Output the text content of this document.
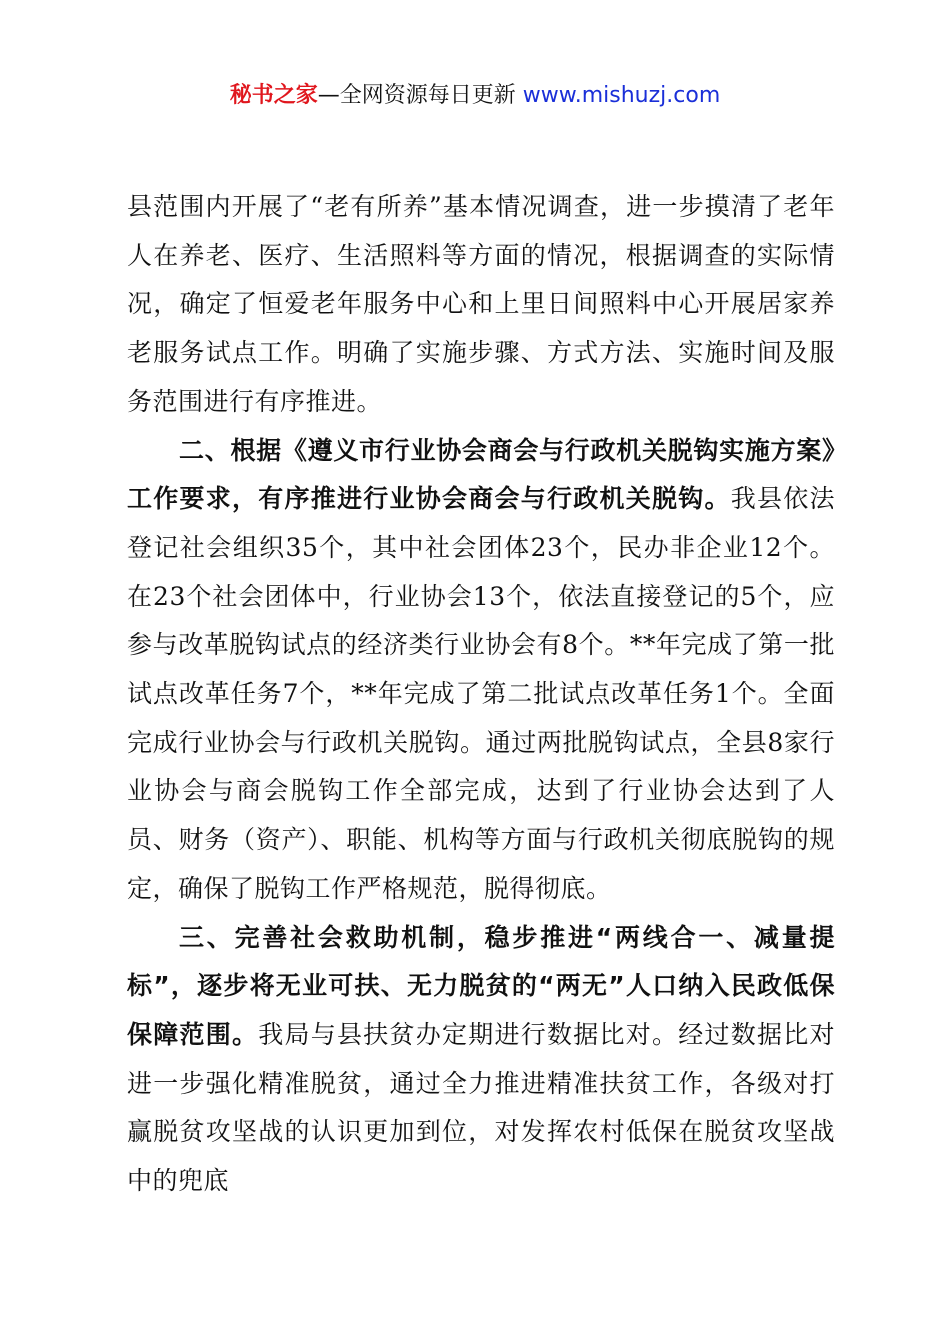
秘书之家—全网资源每日更新 www.mishuzj.com

县范围内开展了“老有所养”基本情况调查，进一步摸清了老年人在养老、医疗、生活照料等方面的情况，根据调查的实际情况，确定了恒爱老年服务中心和上里日间照料中心开展居家养老服务试点工作。明确了实施步骤、方式方法、实施时间及服务范围进行有序推进。

二、根据《遵义市行业协会商会与行政机关脱钩实施方案》工作要求，有序推进行业协会商会与行政机关脱钩。我县依法登记社会组织35个，其中社会团体23个，民办非企业12个。在23个社会团体中，行业协会13个，依法直接登记的5个，应参与改革脱钩试点的经济类行业协会有8个。**年完成了第一批试点改革任务7个，**年完成了第二批试点改革任务1个。全面完成行业协会与行政机关脱钩。通过两批脱钩试点，全县8家行业协会与商会脱钩工作全部完成，达到了行业协会达到了人员、财务（资产）、职能、机构等方面与行政机关彻底脱钩的规定，确保了脱钩工作严格规范，脱得彻底。

三、完善社会救助机制，稳步推进“两线合一、减量提标”，逐步将无业可扶、无力脱贫的“两无”人口纳入民政低保保障范围。我局与县扶贫办定期进行数据比对。经过数据比对进一步强化精准脱贫，通过全力推进精准扶贫工作，各级对打赢脱贫攻坚战的认识更加到位，对发挥农村低保在脱贫攻坚战中的兜底
